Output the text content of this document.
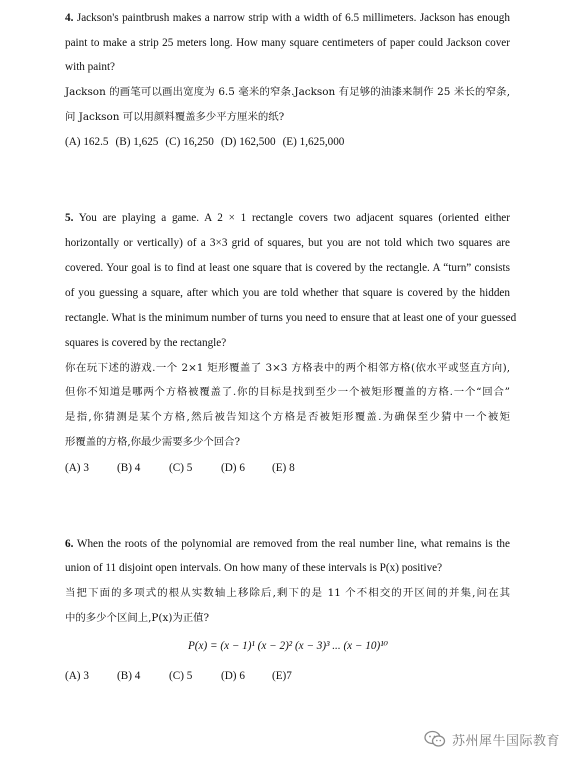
4. Jackson's paintbrush makes a narrow strip with a width of 6.5 millimeters. Jackson has enough
paint to make a strip 25 meters long. How many square centimeters of paper could Jackson cover
with paint?
Jackson 的画笔可以画出宽度为 6.5 毫米的窄条.Jackson 有足够的油漆来制作 25 米长的窄条,
问 Jackson 可以用颜料覆盖多少平方厘米的纸?
(A) 162.5 (B) 1,625 (C) 16,250 (D) 162,500 (E) 1,625,000
5. You are playing a game. A 2 × 1 rectangle covers two adjacent squares (oriented either
horizontally or vertically) of a 3×3 grid of squares, but you are not told which two squares are
covered. Your goal is to find at least one square that is covered by the rectangle. A “turn” consists
of you guessing a square, after which you are told whether that square is covered by the hidden
rectangle. What is the minimum number of turns you need to ensure that at least one of your guessed
squares is covered by the rectangle?
你在玩下述的游戏.一个 2×1 矩形覆盖了 3×3 方格表中的两个相邻方格(依水平或竖直方向),
但你不知道是哪两个方格被覆盖了.你的目标是找到至少一个被矩形覆盖的方格.一个“回合”
是指,你猜测是某个方格,然后被告知这个方格是否被矩形覆盖.为确保至少猜中一个被矩
形覆盖的方格,你最少需要多少个回合?
(A) 3	(B) 4	(C) 5	(D) 6	(E) 8
6. When the roots of the polynomial are removed from the real number line, what remains is the
union of 11 disjoint open intervals. On how many of these intervals is P(x) positive?
当把下面的多项式的根从实数轴上移除后,剩下的是 11 个不相交的开区间的并集,问在其
中的多少个区间上,P(x)为正值?
P(x) = (x − 1)¹ (x − 2)² (x − 3)³ ... (x − 10)¹⁰
(A) 3	(B) 4	(C) 5	(D) 6	(E)7
苏州犀牛国际教育
